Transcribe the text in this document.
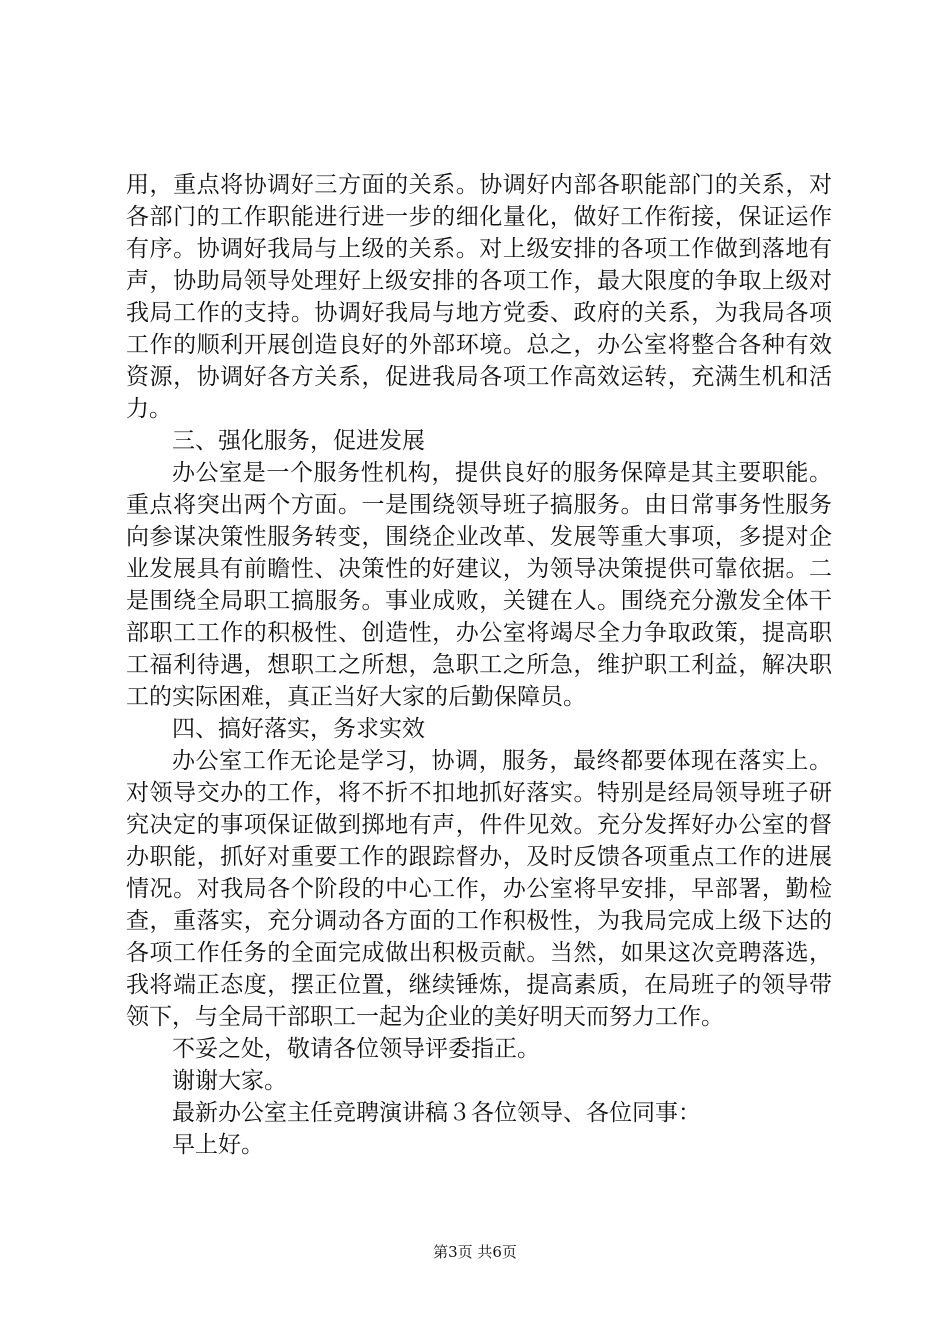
用，重点将协调好三方面的关系。协调好内部各职能部门的关系，对各部门的工作职能进行进一步的细化量化，做好工作衔接，保证运作有序。协调好我局与上级的关系。对上级安排的各项工作做到落地有声，协助局领导处理好上级安排的各项工作，最大限度的争取上级对我局工作的支持。协调好我局与地方党委、政府的关系，为我局各项工作的顺利开展创造良好的外部环境。总之，办公室将整合各种有效资源，协调好各方关系，促进我局各项工作高效运转，充满生机和活力。

三、强化服务，促进发展

办公室是一个服务性机构，提供良好的服务保障是其主要职能。重点将突出两个方面。一是围绕领导班子搞服务。由日常事务性服务向参谋决策性服务转变，围绕企业改革、发展等重大事项，多提对企业发展具有前瞻性、决策性的好建议，为领导决策提供可靠依据。二是围绕全局职工搞服务。事业成败，关键在人。围绕充分激发全体干部职工工作的积极性、创造性，办公室将竭尽全力争取政策，提高职工福利待遇，想职工之所想，急职工之所急，维护职工利益，解决职工的实际困难，真正当好大家的后勤保障员。

四、搞好落实，务求实效

办公室工作无论是学习，协调，服务，最终都要体现在落实上。对领导交办的工作，将不折不扣地抓好落实。特别是经局领导班子研究决定的事项保证做到掷地有声，件件见效。充分发挥好办公室的督办职能，抓好对重要工作的跟踪督办，及时反馈各项重点工作的进展情况。对我局各个阶段的中心工作，办公室将早安排，早部署，勤检查，重落实，充分调动各方面的工作积极性，为我局完成上级下达的各项工作任务的全面完成做出积极贡献。当然，如果这次竞聘落选，我将端正态度，摆正位置，继续锤炼，提高素质，在局班子的领导带领下，与全局干部职工一起为企业的美好明天而努力工作。

不妥之处，敬请各位领导评委指正。

谢谢大家。

最新办公室主任竞聘演讲稿３各位领导、各位同事：

早上好。

第3页 共6页
